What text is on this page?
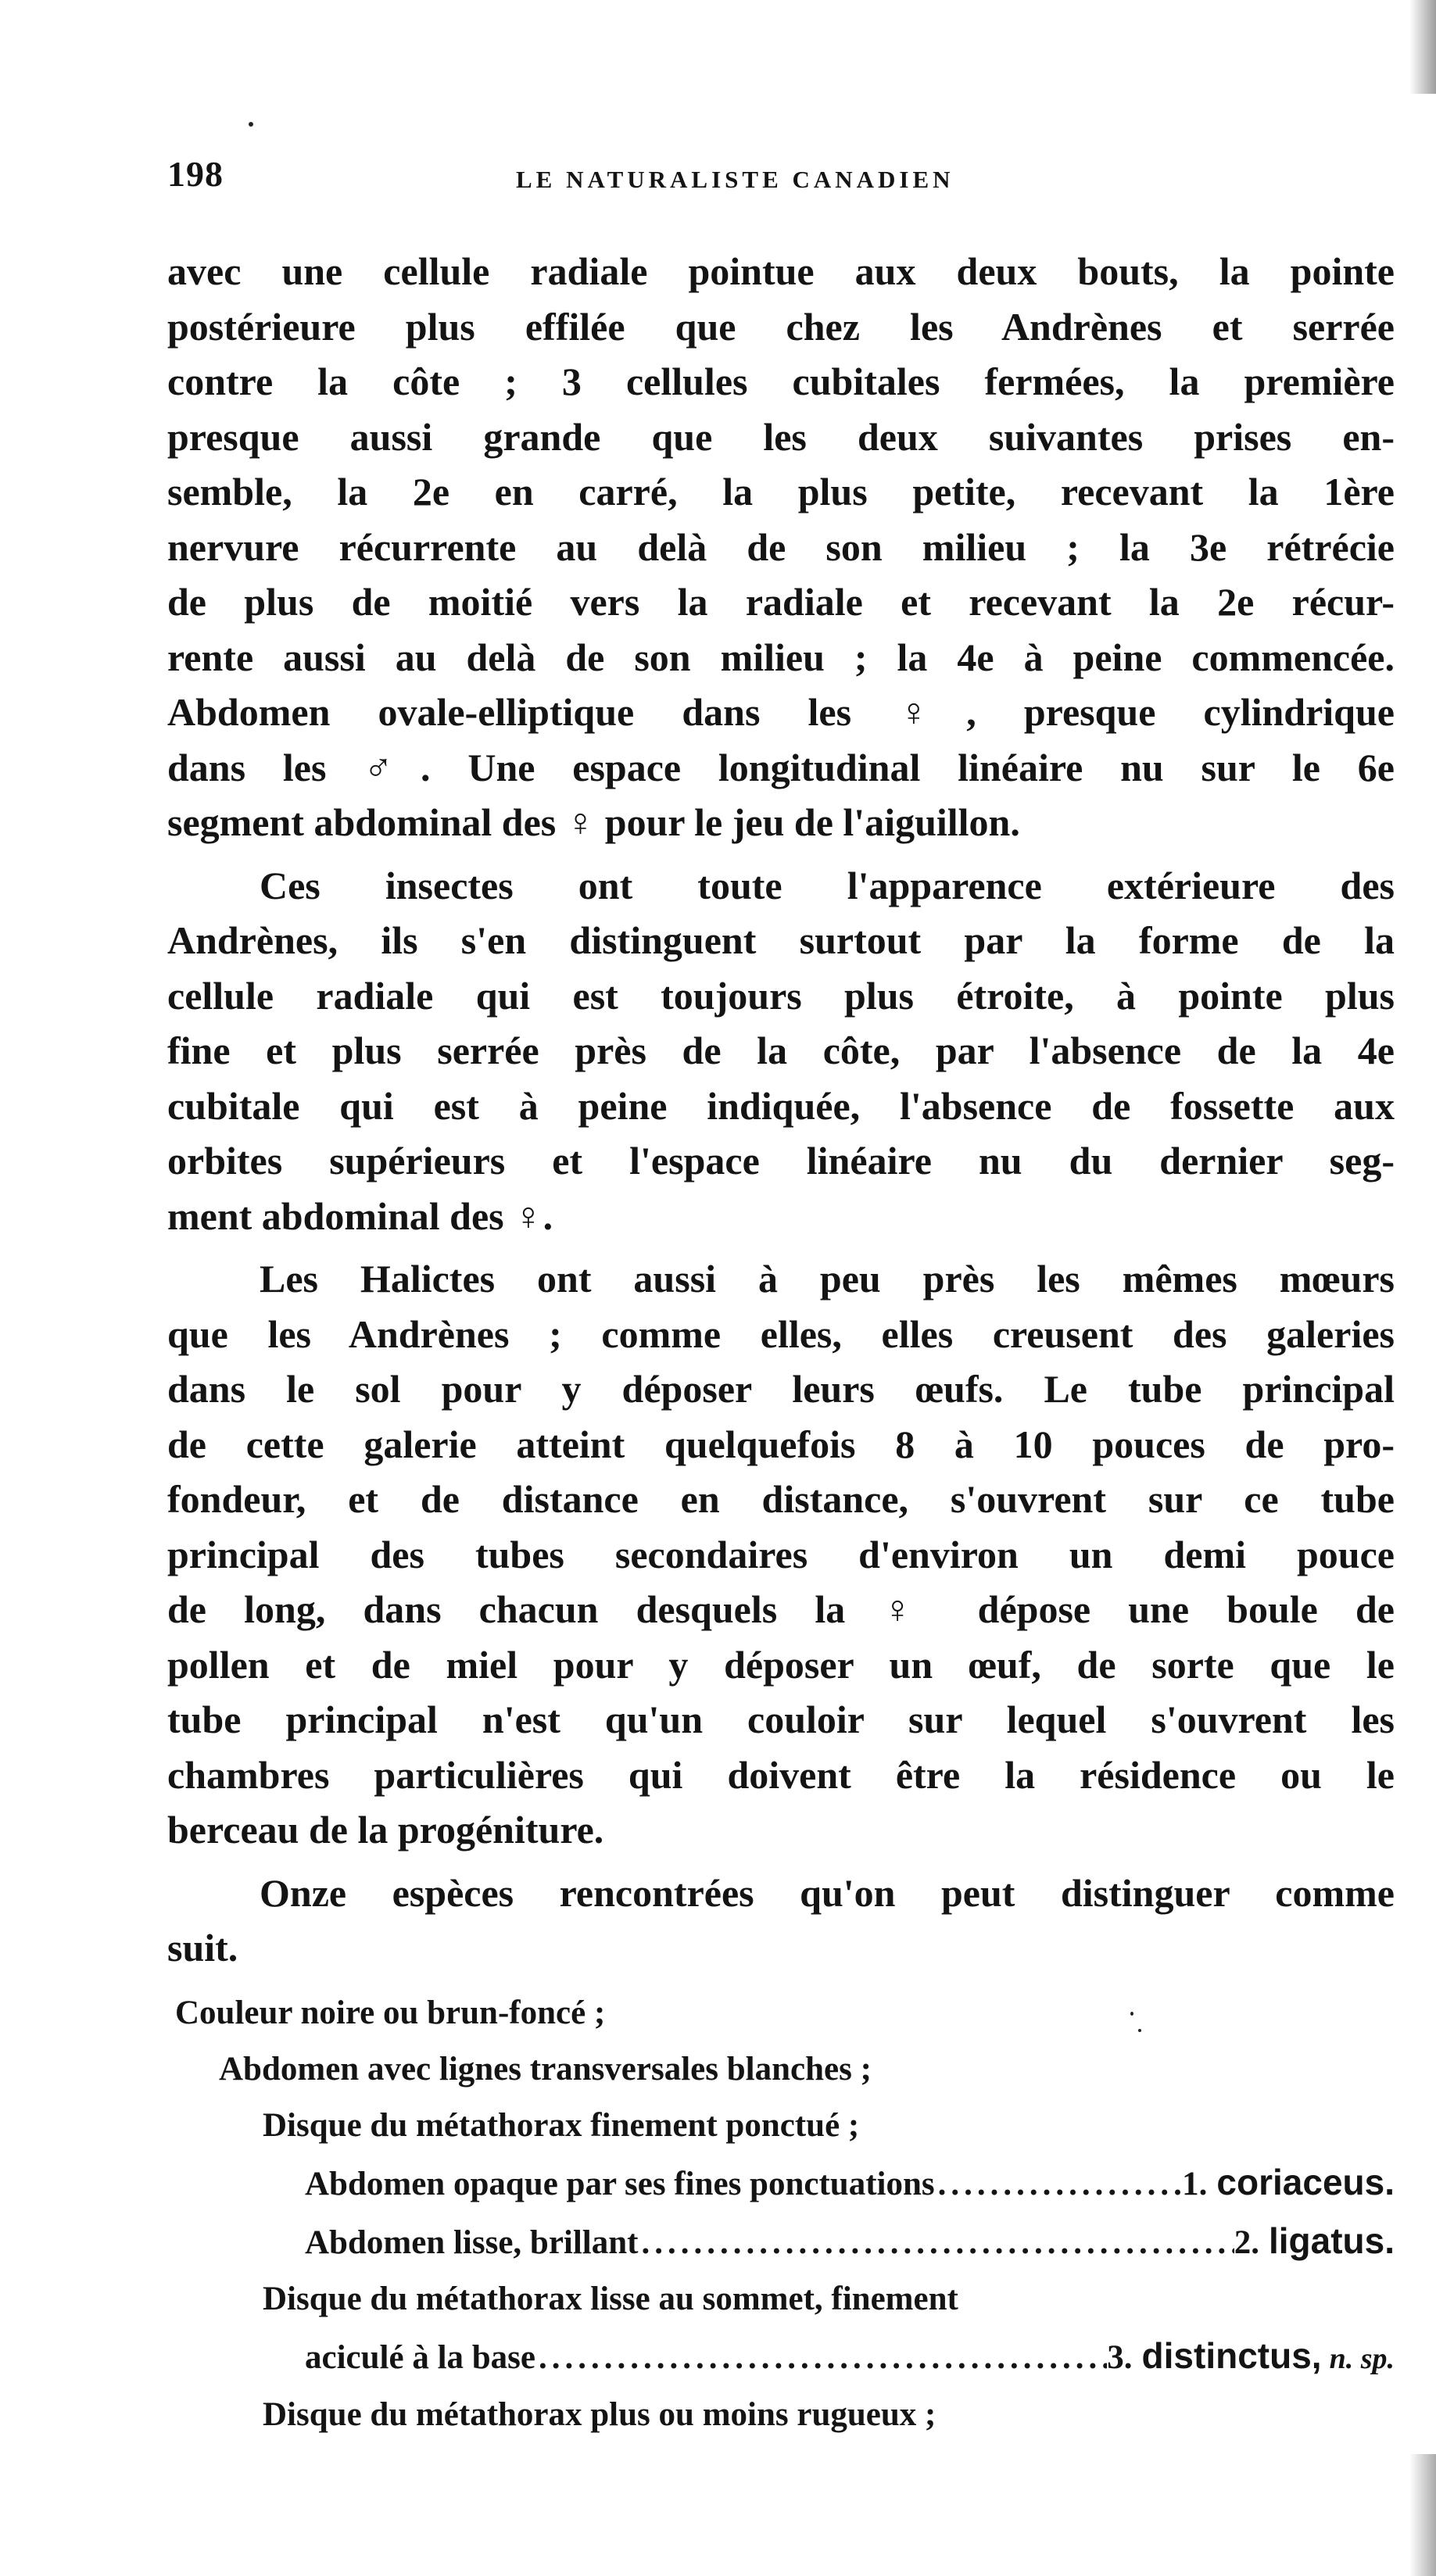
198	LE NATURALISTE CANADIEN

avec une cellule radiale pointue aux deux bouts, la pointe
postérieure plus effilée que chez les Andrènes et serrée
contre la côte ; 3 cellules cubitales fermées, la première
presque aussi grande que les deux suivantes prises en-
semble, la 2e en carré, la plus petite, recevant la 1ère
nervure récurrente au delà de son milieu ; la 3e rétrécie
de plus de moitié vers la radiale et recevant la 2e récur-
rente aussi au delà de son milieu ; la 4e à peine commencée.
Abdomen ovale-elliptique dans les ♀, presque cylindrique
dans les ♂. Une espace longitudinal linéaire nu sur le 6e
segment abdominal des ♀ pour le jeu de l'aiguillon.

Ces insectes ont toute l'apparence extérieure des
Andrènes, ils s'en distinguent surtout par la forme de la
cellule radiale qui est toujours plus étroite, à pointe plus
fine et plus serrée près de la côte, par l'absence de la 4e
cubitale qui est à peine indiquée, l'absence de fossette aux
orbites supérieurs et l'espace linéaire nu du dernier seg-
ment abdominal des ♀.

Les Halictes ont aussi à peu près les mêmes mœurs
que les Andrènes ; comme elles, elles creusent des galeries
dans le sol pour y déposer leurs œufs. Le tube principal
de cette galerie atteint quelquefois 8 à 10 pouces de pro-
fondeur, et de distance en distance, s'ouvrent sur ce tube
principal des tubes secondaires d'environ un demi pouce
de long, dans chacun desquels la ♀ dépose une boule de
pollen et de miel pour y déposer un œuf, de sorte que le
tube principal n'est qu'un couloir sur lequel s'ouvrent les
chambres particulières qui doivent être la résidence ou le
berceau de la progéniture.

Onze espèces rencontrées qu'on peut distinguer comme
suit.

Couleur noire ou brun-foncé ;
Abdomen avec lignes transversales blanches ;
Disque du métathorax finement ponctué ;
Abdomen opaque par ses fines ponctuations .....	1. coriaceus.
Abdomen lisse, brillant .....	2. ligatus.
Disque du métathorax lisse au sommet, finement
aciculé à la base .....	3. distinctus, n. sp.
Disque du métathorax plus ou moins rugueux ;
